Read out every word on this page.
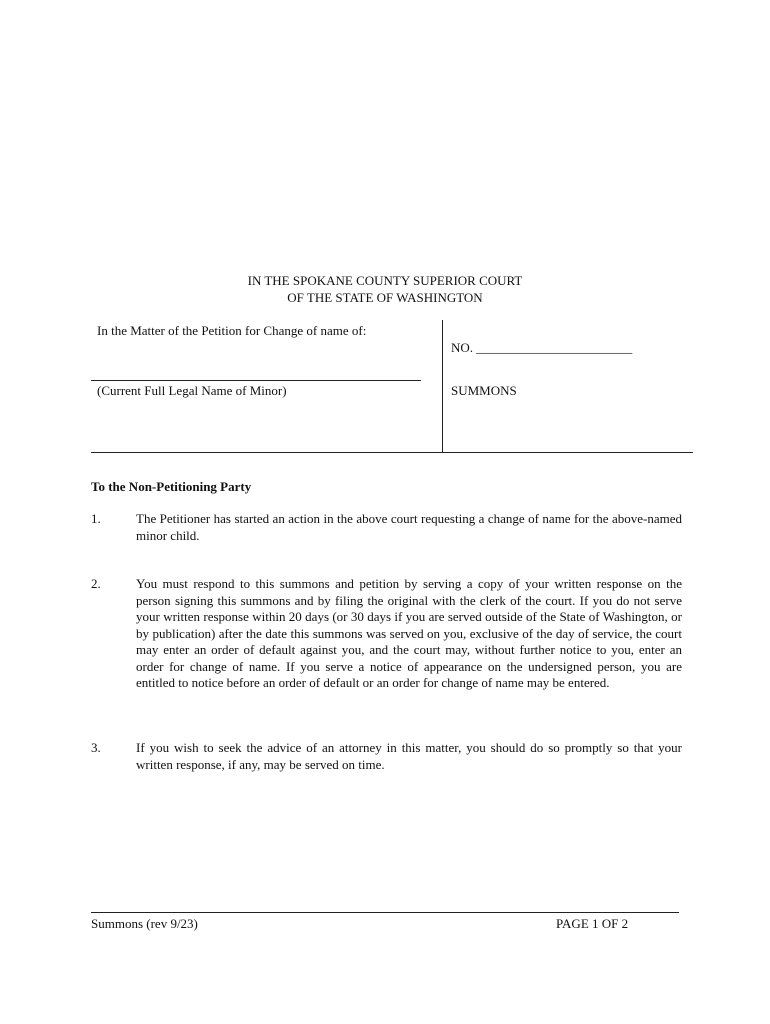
IN THE SPOKANE COUNTY SUPERIOR COURT
OF THE STATE OF WASHINGTON
In the Matter of the Petition for Change of name of:
NO. ________________________
(Current Full Legal Name of Minor)	SUMMONS
To the Non-Petitioning Party
1.	The Petitioner has started an action in the above court requesting a change of name for the above-named minor child.
2.	You must respond to this summons and petition by serving a copy of your written response on the person signing this summons and by filing the original with the clerk of the court. If you do not serve your written response within 20 days (or 30 days if you are served outside of the State of Washington, or by publication) after the date this summons was served on you, exclusive of the day of service, the court may enter an order of default against you, and the court may, without further notice to you, enter an order for change of name. If you serve a notice of appearance on the undersigned person, you are entitled to notice before an order of default or an order for change of name may be entered.
3.	If you wish to seek the advice of an attorney in this matter, you should do so promptly so that your written response, if any, may be served on time.
Summons (rev 9/23)	PAGE 1 OF 2
